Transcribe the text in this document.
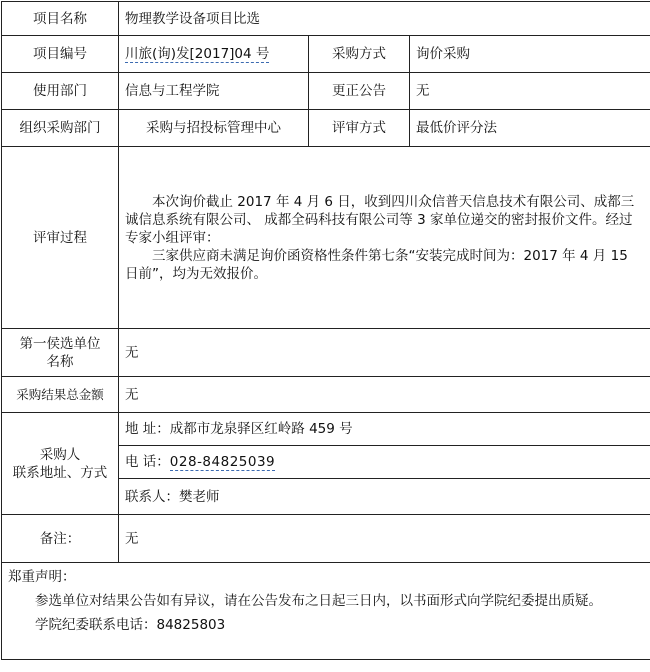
项目名称	物理教学设备项目比选		
项目编号	川旅(询)发[2017]04 号	采购方式	询价采购
使用部门	信息与工程学院	更正公告	无
组织采购部门	采购与招投标管理中心	评审方式	最低价评分法
评审过程	本次询价截止 2017 年 4 月 6 日，收到四川众信普天信息技术有限公司、成都三诚信息系统有限公司、 成都全码科技有限公司等 3 家单位递交的密封报价文件。经过专家小组评审：

三家供应商未满足询价函资格性条件第七条“安装完成时间为：2017 年 4 月 15 日前”，均为无效报价。		

第一侯选单位
名称	无		
采购结果总金额	无		

采购人
联系地址、方式	地 址：成都市龙泉驿区红岭路 459 号		
	电 话：028-84825039		
	联系人：樊老师		
备注：	无		

郑重声明：
参选单位对结果公告如有异议，请在公告发布之日起三日内，以书面形式向学院纪委提出质疑。
学院纪委联系电话：84825803			
